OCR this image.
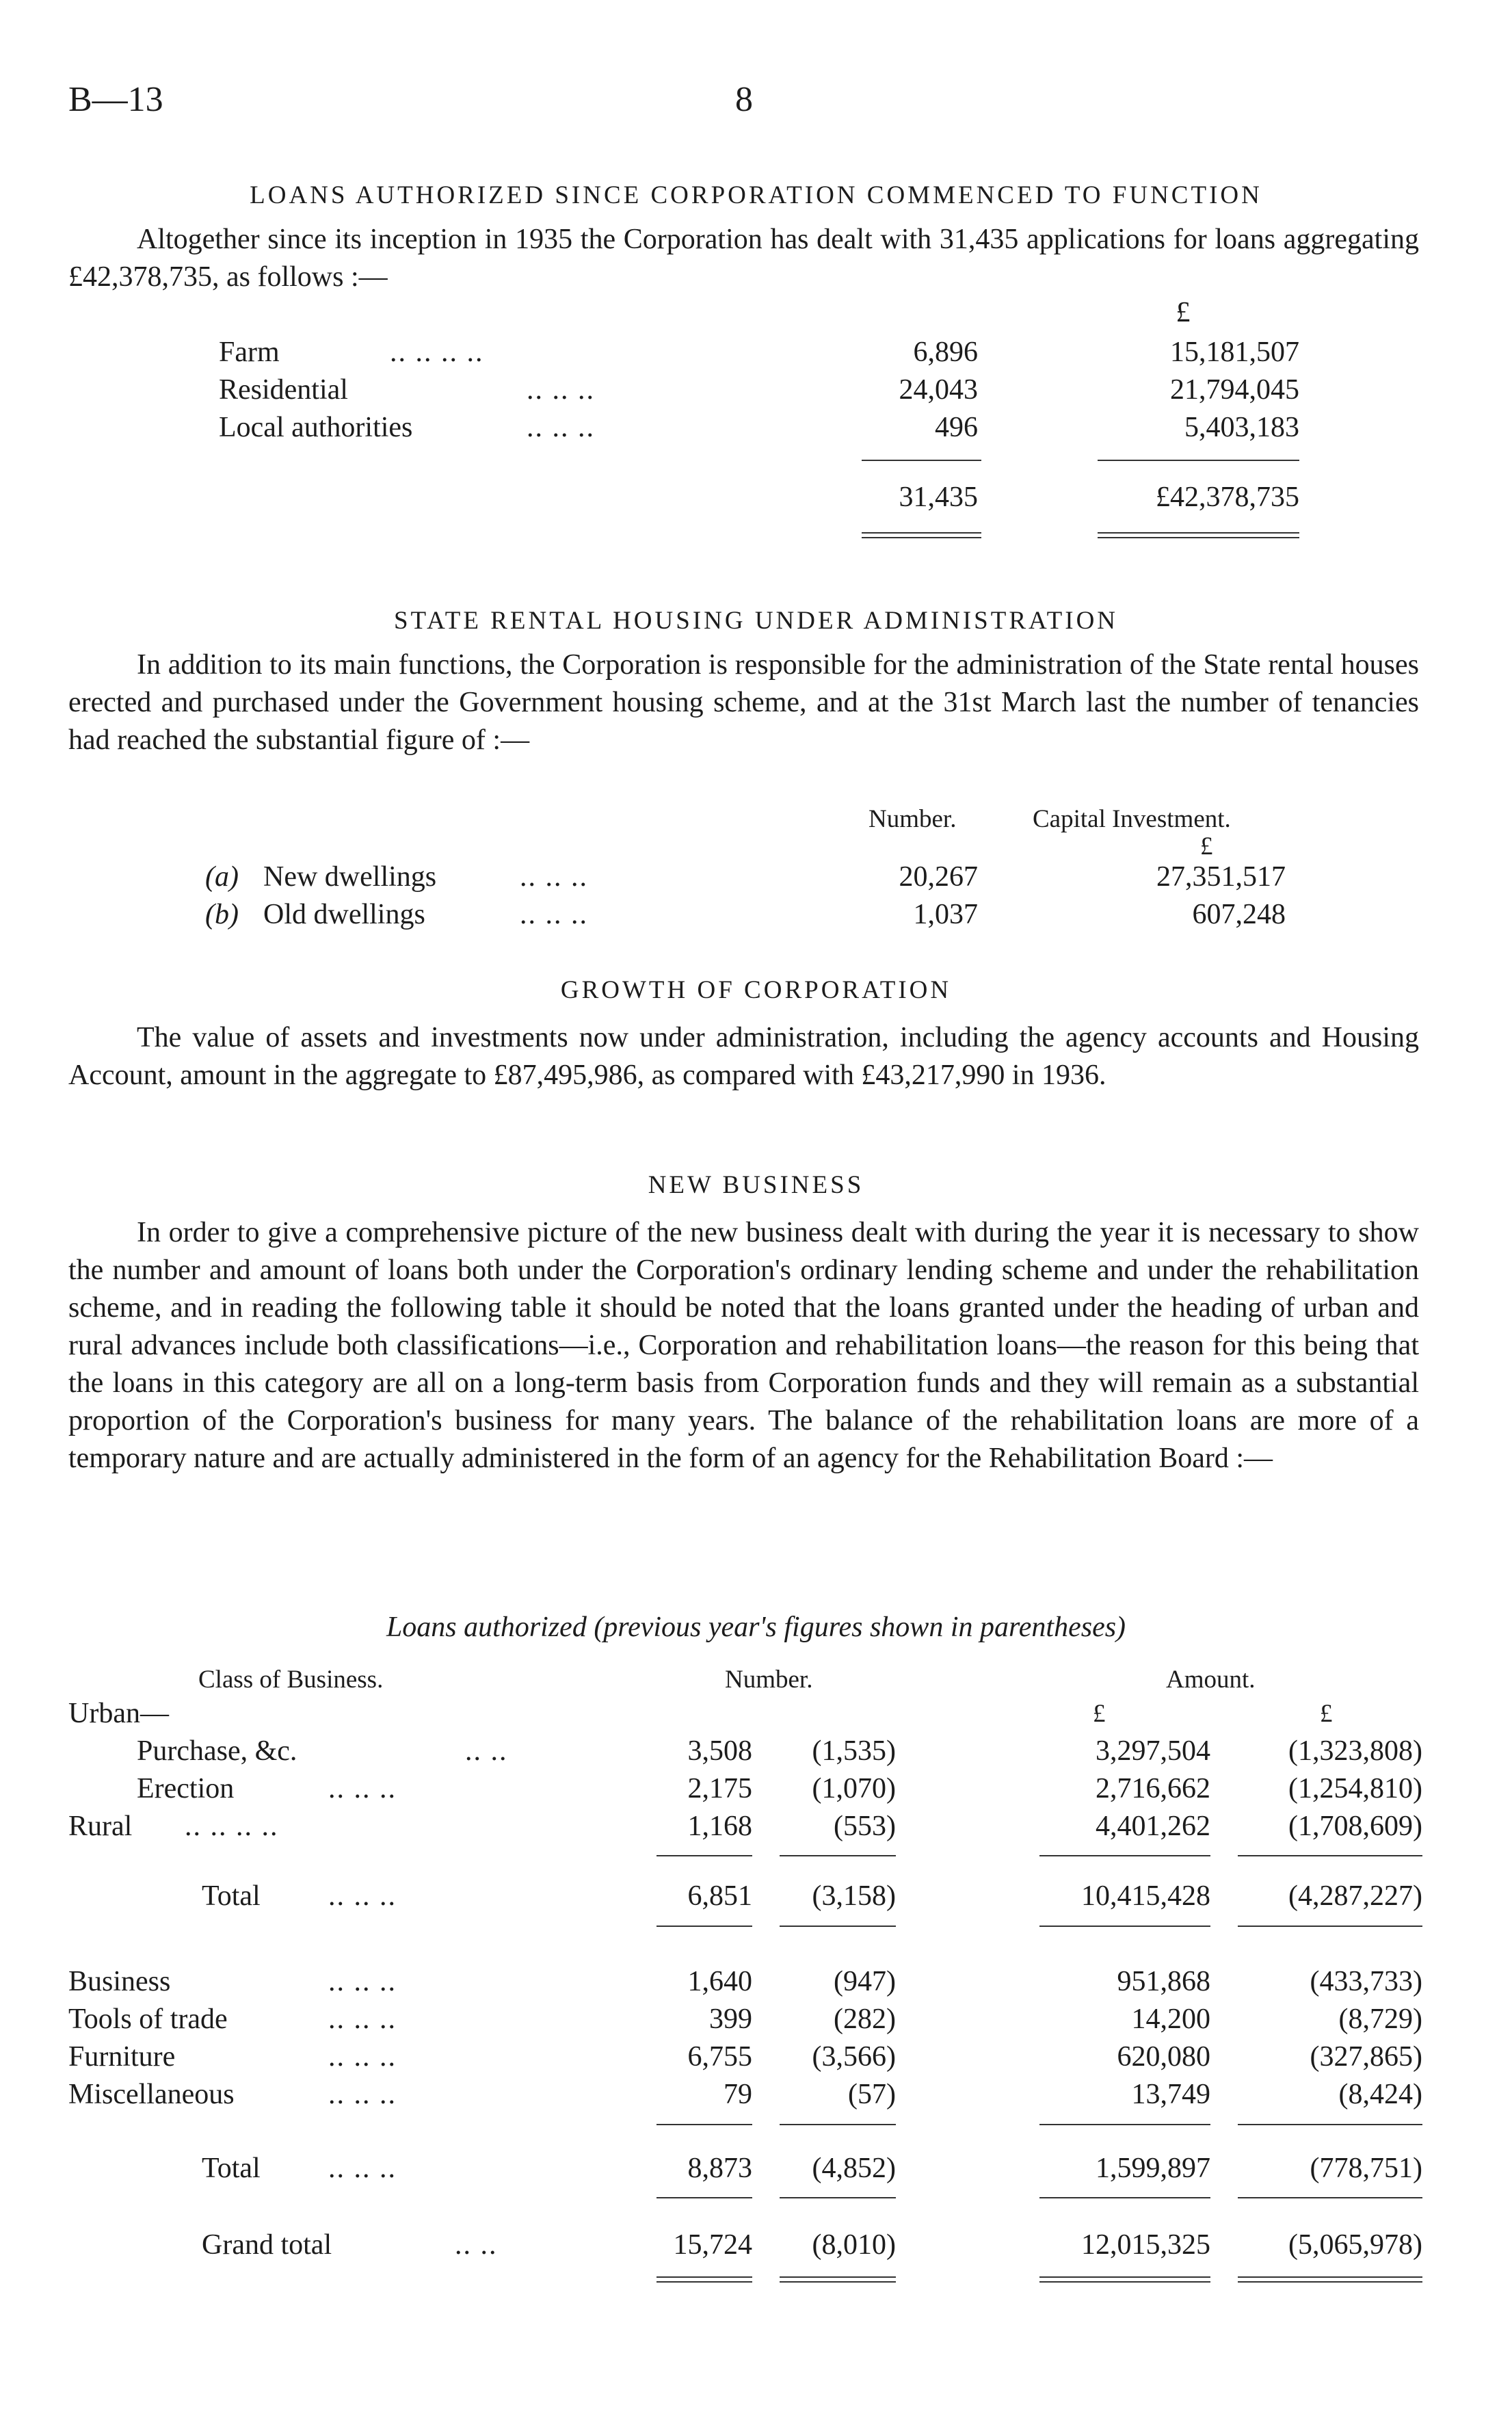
B—13	8
LOANS AUTHORIZED SINCE CORPORATION COMMENCED TO FUNCTION
Altogether since its inception in 1935 the Corporation has dealt with 31,435 applications for loans aggregating £42,378,735, as follows :—
£
Farm	.. .. .. ..	6,896	15,181,507
Residential	.. .. ..	24,043	21,794,045
Local authorities	.. .. ..	496	5,403,183
31,435	£42,378,735
STATE RENTAL HOUSING UNDER ADMINISTRATION
In addition to its main functions, the Corporation is responsible for the administration of the State rental houses erected and purchased under the Government housing scheme, and at the 31st March last the number of tenancies had reached the substantial figure of :—
Number.	Capital Investment.
£
(a) New dwellings	.. .. ..	20,267	27,351,517
(b) Old dwellings	.. .. ..	1,037	607,248
GROWTH OF CORPORATION
The value of assets and investments now under administration, including the agency accounts and Housing Account, amount in the aggregate to £87,495,986, as compared with £43,217,990 in 1936.
NEW BUSINESS
In order to give a comprehensive picture of the new business dealt with during the year it is necessary to show the number and amount of loans both under the Corporation's ordinary lending scheme and under the rehabilitation scheme, and in reading the following table it should be noted that the loans granted under the heading of urban and rural advances include both classifications—i.e., Corporation and rehabilitation loans—the reason for this being that the loans in this category are all on a long-term basis from Corporation funds and they will remain as a substantial proportion of the Corporation's business for many years. The balance of the rehabilitation loans are more of a temporary nature and are actually administered in the form of an agency for the Rehabilitation Board :—
Loans authorized (previous year's figures shown in parentheses)
Class of Business.	Number.	Amount.
£	£
Urban—
Purchase, &c.	.. ..	3,508	(1,535)	3,297,504	(1,323,808)
Erection	.. .. ..	2,175	(1,070)	2,716,662	(1,254,810)
Rural .. .. .. ..	1,168	(553)	4,401,262	(1,708,609)
Total .. .. ..	6,851	(3,158)	10,415,428	(4,287,227)
Business	.. .. ..	1,640	(947)	951,868	(433,733)
Tools of trade	.. .. ..	399	(282)	14,200	(8,729)
Furniture	.. .. ..	6,755	(3,566)	620,080	(327,865)
Miscellaneous	.. .. ..	79	(57)	13,749	(8,424)
Total .. .. ..	8,873	(4,852)	1,599,897	(778,751)
Grand total	.. ..	15,724	(8,010)	12,015,325	(5,065,978)
